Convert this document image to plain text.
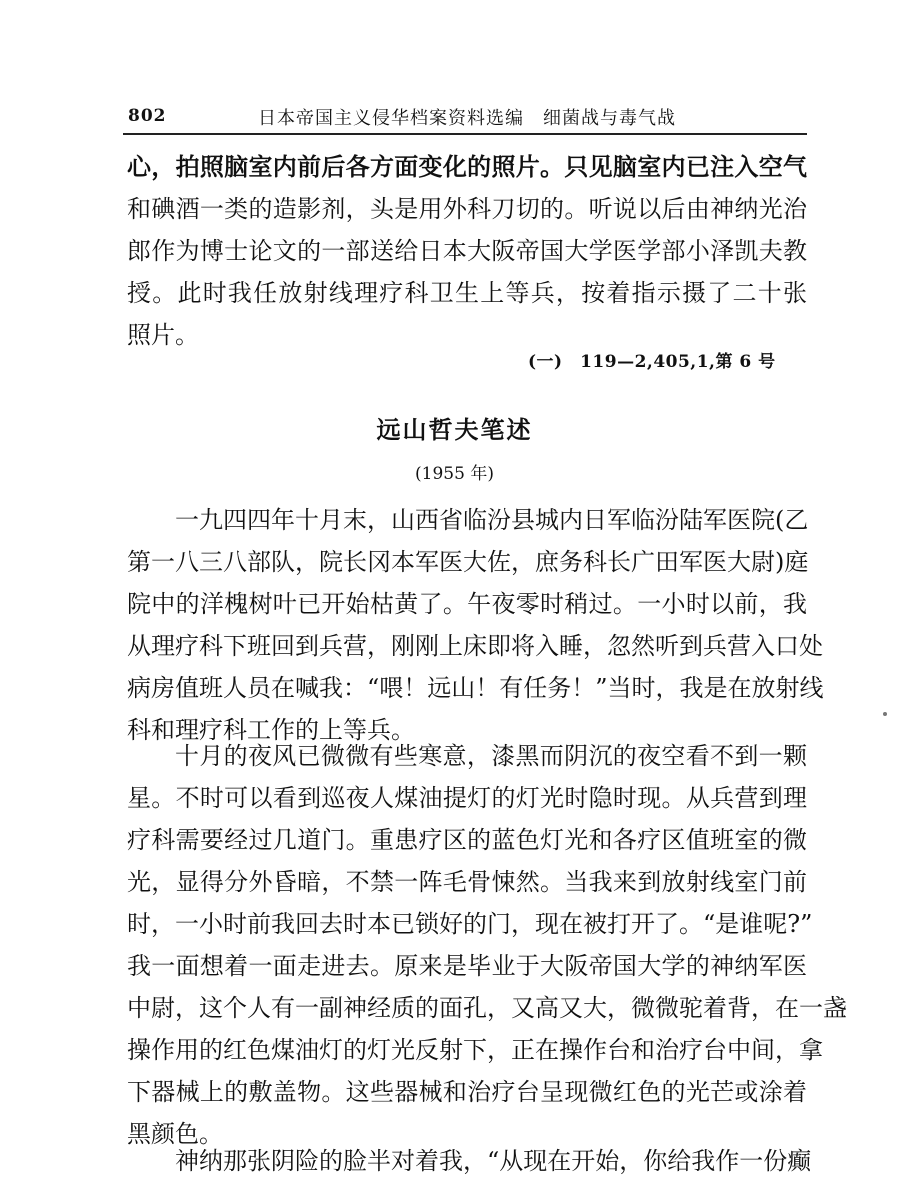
802	日本帝国主义侵华档案资料选编　细菌战与毒气战
心，拍照脑室内前后各方面变化的照片。只见脑室内已注入空气
和碘酒一类的造影剂，头是用外科刀切的。听说以后由神纳光治
郎作为博士论文的一部送给日本大阪帝国大学医学部小泽凯夫教
授。此时我任放射线理疗科卫生上等兵，按着指示摄了二十张
照片。
(一)　119—2,405,1,第 6 号
远山哲夫笔述
(1955 年)
一九四四年十月末，山西省临汾县城内日军临汾陆军医院(乙
第一八三八部队，院长冈本军医大佐，庶务科长广田军医大尉)庭
院中的洋槐树叶已开始枯黄了。午夜零时稍过。一小时以前，我
从理疗科下班回到兵营，刚刚上床即将入睡，忽然听到兵营入口处
病房值班人员在喊我：“喂！远山！有任务！”当时，我是在放射线
科和理疗科工作的上等兵。
十月的夜风已微微有些寒意，漆黑而阴沉的夜空看不到一颗
星。不时可以看到巡夜人煤油提灯的灯光时隐时现。从兵营到理
疗科需要经过几道门。重患疗区的蓝色灯光和各疗区值班室的微
光，显得分外昏暗，不禁一阵毛骨悚然。当我来到放射线室门前
时，一小时前我回去时本已锁好的门，现在被打开了。“是谁呢?”
我一面想着一面走进去。原来是毕业于大阪帝国大学的神纳军医
中尉，这个人有一副神经质的面孔，又高又大，微微驼着背，在一盏
操作用的红色煤油灯的灯光反射下，正在操作台和治疗台中间，拿
下器械上的敷盖物。这些器械和治疗台呈现微红色的光芒或涂着
黑颜色。
神纳那张阴险的脸半对着我，“从现在开始，你给我作一份癫
